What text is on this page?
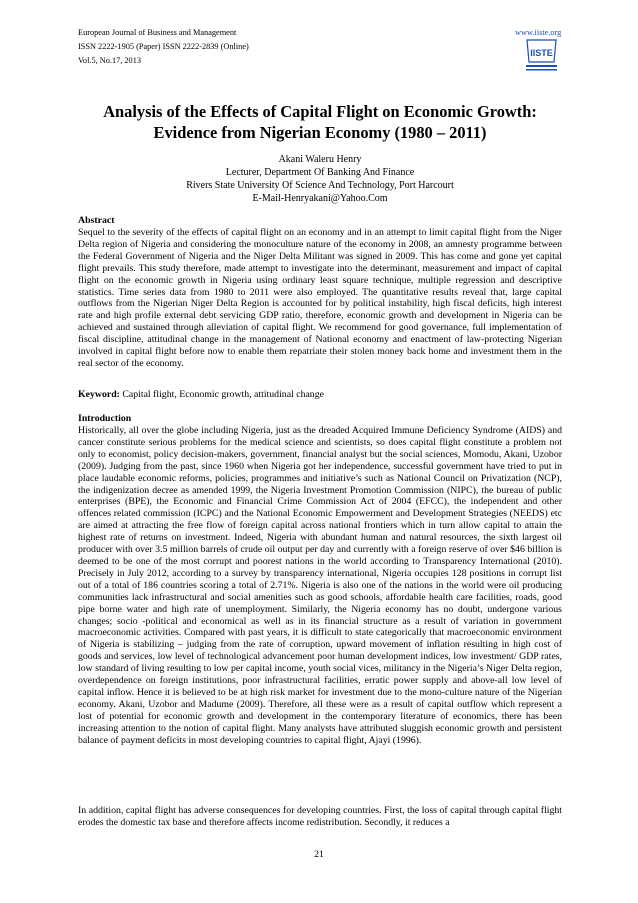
European Journal of Business and Management
ISSN 2222-1905 (Paper) ISSN 2222-2839 (Online)
Vol.5, No.17, 2013
www.iiste.org
IISTE
Analysis of the Effects of Capital Flight on Economic Growth:
Evidence from Nigerian Economy (1980 – 2011)
Akani Waleru Henry
Lecturer, Department Of Banking And Finance
Rivers State University Of Science And Technology, Port Harcourt
E-Mail-Henryakani@Yahoo.Com
Abstract
Sequel to the severity of the effects of capital flight on an economy and in an attempt to limit capital flight from the Niger Delta region of Nigeria and considering the monoculture nature of the economy in 2008, an amnesty programme between the Federal Government of Nigeria and the Niger Delta Militant was signed in 2009. This has come and gone yet capital flight prevails. This study therefore, made attempt to investigate into the determinant, measurement and impact of capital flight on the economic growth in Nigeria using ordinary least square technique, multiple regression and descriptive statistics. Time series data from 1980 to 2011 were also employed. The quantitative results reveal that, large capital outflows from the Nigerian Niger Delta Region is accounted for by political instability, high fiscal deficits, high interest rate and high profile external debt servicing GDP ratio, therefore, economic growth and development in Nigeria can be achieved and sustained through alleviation of capital flight. We recommend for good governance, full implementation of fiscal discipline, attitudinal change in the management of National economy and enactment of law-protecting Nigerian involved in capital flight before now to enable them repatriate their stolen money back home and investment them in the real sector of the economy.
Keyword: Capital flight, Economic growth, attitudinal change
Introduction
Historically, all over the globe including Nigeria, just as the dreaded Acquired Immune Deficiency Syndrome (AIDS) and cancer constitute serious problems for the medical science and scientists, so does capital flight constitute a problem not only to economist, policy decision-makers, government, financial analyst but the social sciences, Momodu, Akani, Uzobor (2009). Judging from the past, since 1960 when Nigeria got her independence, successful government have tried to put in place laudable economic reforms, policies, programmes and initiative’s such as National Council on Privatization (NCP), the indigenization decree as amended 1999, the Nigeria Investment Promotion Commission (NIPC), the bureau of public enterprises (BPE), the Economic and Financial Crime Commission Act of 2004 (EFCC), the independent and other offences related commission (ICPC) and the National Economic Empowerment and Development Strategies (NEEDS) etc are aimed at attracting the free flow of foreign capital across national frontiers which in turn allow capital to attain the highest rate of returns on investment. Indeed, Nigeria with abundant human and natural resources, the sixth largest oil producer with over 3.5 million barrels of crude oil output per day and currently with a foreign reserve of over $46 billion is deemed to be one of the most corrupt and poorest nations in the world according to Transparency International (2010). Precisely in July 2012, according to a survey by transparency international, Nigeria occupies 128 positions in corrupt list out of a total of 186 countries scoring a total of 2.71%. Nigeria is also one of the nations in the world were oil producing communities lack infrastructural and social amenities such as good schools, affordable health care facilities, roads, good pipe borne water and high rate of unemployment. Similarly, the Nigeria economy has no doubt, undergone various changes; socio -political and economical as well as in its financial structure as a result of variation in government macroeconomic activities. Compared with past years, it is difficult to state categorically that macroeconomic environment of Nigeria is stabilizing – judging from the rate of corruption, upward movement of inflation resulting in high cost of goods and services, low level of technological advancement poor human development indices, low investment/ GDP rates, low standard of living resulting to low per capital income, youth social vices, militancy in the Nigeria’s Niger Delta region, overdependence on foreign institutions, poor infrastructural facilities, erratic power supply and above-all low level of capital inflow. Hence it is believed to be at high risk market for investment due to the mono-culture nature of the Nigerian economy. Akani, Uzobor and Madume (2009). Therefore, all these were as a result of capital outflow which represent a lost of potential for economic growth and development in the contemporary literature of economics, there has been increasing attention to the notion of capital flight. Many analysts have attributed sluggish economic growth and persistent balance of payment deficits in most developing countries to capital flight, Ajayi (1996).
In addition, capital flight has adverse consequences for developing countries. First, the loss of capital through capital flight erodes the domestic tax base and therefore affects income redistribution. Secondly, it reduces a
21
